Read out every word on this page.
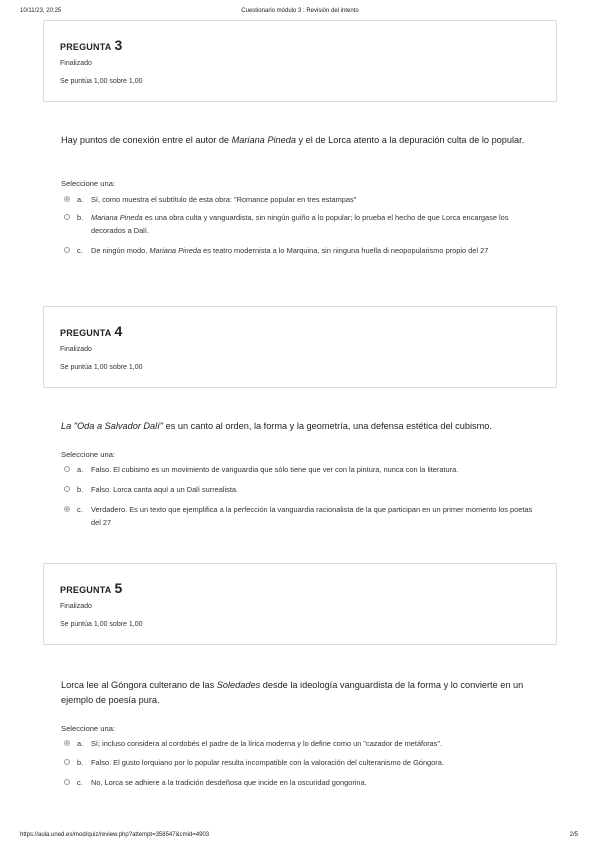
10/11/23, 20:25	Cuestionario módulo 3 : Revisión del intento
PREGUNTA 3
Finalizado
Se puntúa 1,00 sobre 1,00
Hay puntos de conexión entre el autor de Mariana Pineda y el de Lorca atento a la depuración culta de lo popular.
Seleccione una:
a. Sí, como muestra el subtítulo de esta obra: "Romance popular en tres estampas"
b. Mariana Pineda es una obra culta y vanguardista, sin ningún guiño a lo popular; lo prueba el hecho de que Lorca encargase los decorados a Dalí.
c. De ningún modo, Mariana Pineda es teatro modernista a lo Marquina, sin ninguna huella di neopopularismo propio del 27
PREGUNTA 4
Finalizado
Se puntúa 1,00 sobre 1,00
La "Oda a Salvador Dalí" es un canto al orden, la forma y la geometría, una defensa estética del cubismo.
Seleccione una:
a. Falso. El cubismo es un movimiento de vanguardia que sólo tiene que ver con la pintura, nunca con la literatura.
b. Falso. Lorca canta aquí a un Dalí surrealista.
c. Verdadero. Es un texto que ejemplifica a la perfección la vanguardia racionalista de la que participan en un primer momento los poetas del 27
PREGUNTA 5
Finalizado
Se puntúa 1,00 sobre 1,00
Lorca lee al Góngora culterano de las Soledades desde la ideología vanguardista de la forma y lo convierte en un ejemplo de poesía pura.
Seleccione una:
a. Sí; incluso considera al cordobés el padre de la lírica moderna y lo define como un "cazador de metáforas".
b. Falso. El gusto lorquiano por lo popular resulta incompatible con la valoración del culteranismo de Góngora.
c. No, Lorca se adhiere a la tradición desdeñosa que incide en la oscuridad gongorina.
https://aula.uned.es/mod/quiz/review.php?attempt=358547&cmid=4903	2/5
